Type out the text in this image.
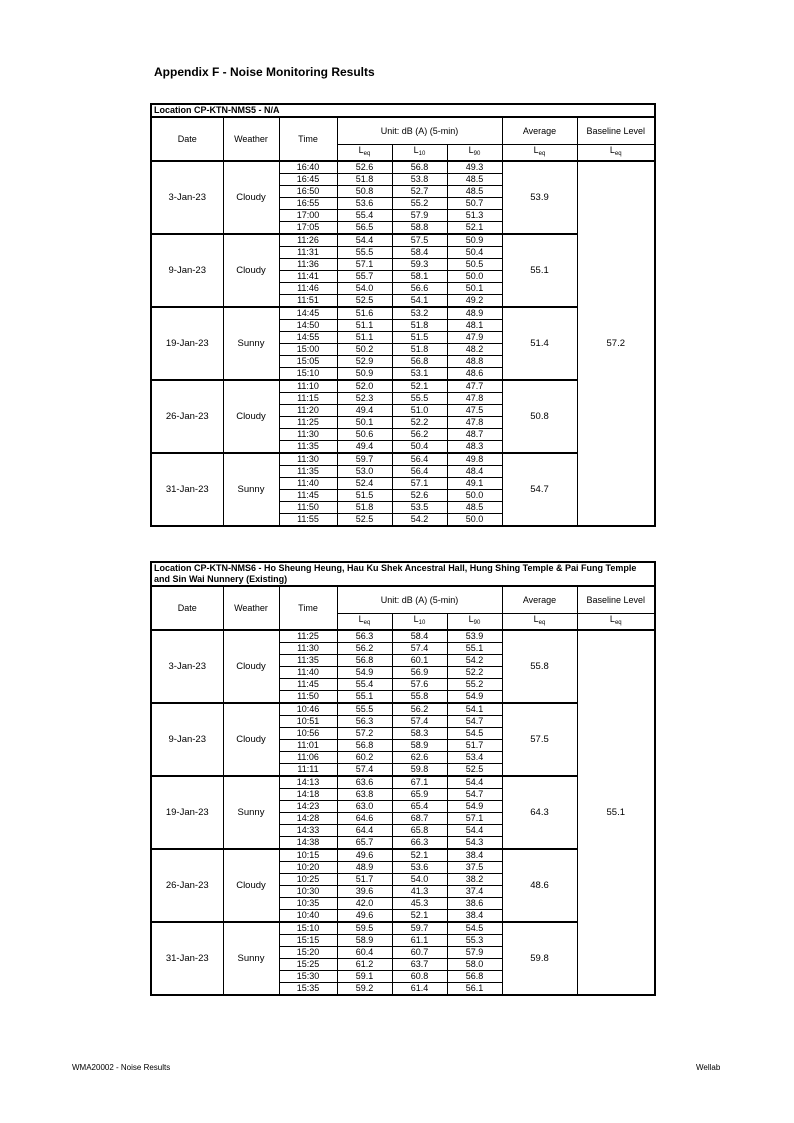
Appendix F - Noise Monitoring Results
Location CP-KTN-NMS5 - N/A							
Date	Weather	Time	Unit: dB (A) (5-min)			Average	Baseline Level
			$L_{eq}$	$L_{10}$	$L_{90}$	$L_{eq}$	$L_{eq}$
3-Jan-23	Cloudy	16:40	52.6	56.8	49.3	53.9	57.2
		16:45	51.8	53.8	48.5		
		16:50	50.8	52.7	48.5		
		16:55	53.6	55.2	50.7		
		17:00	55.4	57.9	51.3		
		17:05	56.5	58.8	52.1		
9-Jan-23	Cloudy	11:26	54.4	57.5	50.9	55.1	
		11:31	55.5	58.4	50.4		
		11:36	57.1	59.3	50.5		
		11:41	55.7	58.1	50.0		
		11:46	54.0	56.6	50.1		
		11:51	52.5	54.1	49.2		
19-Jan-23	Sunny	14:45	51.6	53.2	48.9	51.4	
		14:50	51.1	51.8	48.1		
		14:55	51.1	51.5	47.9		
		15:00	50.2	51.8	48.2		
		15:05	52.9	56.8	48.8		
		15:10	50.9	53.1	48.6		
26-Jan-23	Cloudy	11:10	52.0	52.1	47.7	50.8	
		11:15	52.3	55.5	47.8		
		11:20	49.4	51.0	47.5		
		11:25	50.1	52.2	47.8		
		11:30	50.6	56.2	48.7		
		11:35	49.4	50.4	48.3		
31-Jan-23	Sunny	11:30	59.7	56.4	49.8	54.7	
		11:35	53.0	56.4	48.4		
		11:40	52.4	57.1	49.1		
		11:45	51.5	52.6	50.0		
		11:50	51.8	53.5	48.5		
		11:55	52.5	54.2	50.0		
Location CP-KTN-NMS6 - Ho Sheung Heung, Hau Ku Shek Ancestral Hall, Hung Shing Temple & Pai Fung Temple and Sin Wai Nunnery (Existing)							
Date	Weather	Time	Unit: dB (A) (5-min)			Average	Baseline Level
			$L_{eq}$	$L_{10}$	$L_{90}$	$L_{eq}$	$L_{eq}$
3-Jan-23	Cloudy	11:25	56.3	58.4	53.9	55.8	55.1
		11:30	56.2	57.4	55.1		
		11:35	56.8	60.1	54.2		
		11:40	54.9	56.9	52.2		
		11:45	55.4	57.6	55.2		
		11:50	55.1	55.8	54.9		
9-Jan-23	Cloudy	10:46	55.5	56.2	54.1	57.5	
		10:51	56.3	57.4	54.7		
		10:56	57.2	58.3	54.5		
		11:01	56.8	58.9	51.7		
		11:06	60.2	62.6	53.4		
		11:11	57.4	59.8	52.5		
19-Jan-23	Sunny	14:13	63.6	67.1	54.4	64.3	
		14:18	63.8	65.9	54.7		
		14:23	63.0	65.4	54.9		
		14:28	64.6	68.7	57.1		
		14:33	64.4	65.8	54.4		
		14:38	65.7	66.3	54.3		
26-Jan-23	Cloudy	10:15	49.6	52.1	38.4	48.6	
		10:20	48.9	53.6	37.5		
		10:25	51.7	54.0	38.2		
		10:30	39.6	41.3	37.4		
		10:35	42.0	45.3	38.6		
		10:40	49.6	52.1	38.4		
31-Jan-23	Sunny	15:10	59.5	59.7	54.5	59.8	
		15:15	58.9	61.1	55.3		
		15:20	60.4	60.7	57.9		
		15:25	61.2	63.7	58.0		
		15:30	59.1	60.8	56.8		
		15:35	59.2	61.4	56.1		
WMA20002 - Noise Results	Wellab
